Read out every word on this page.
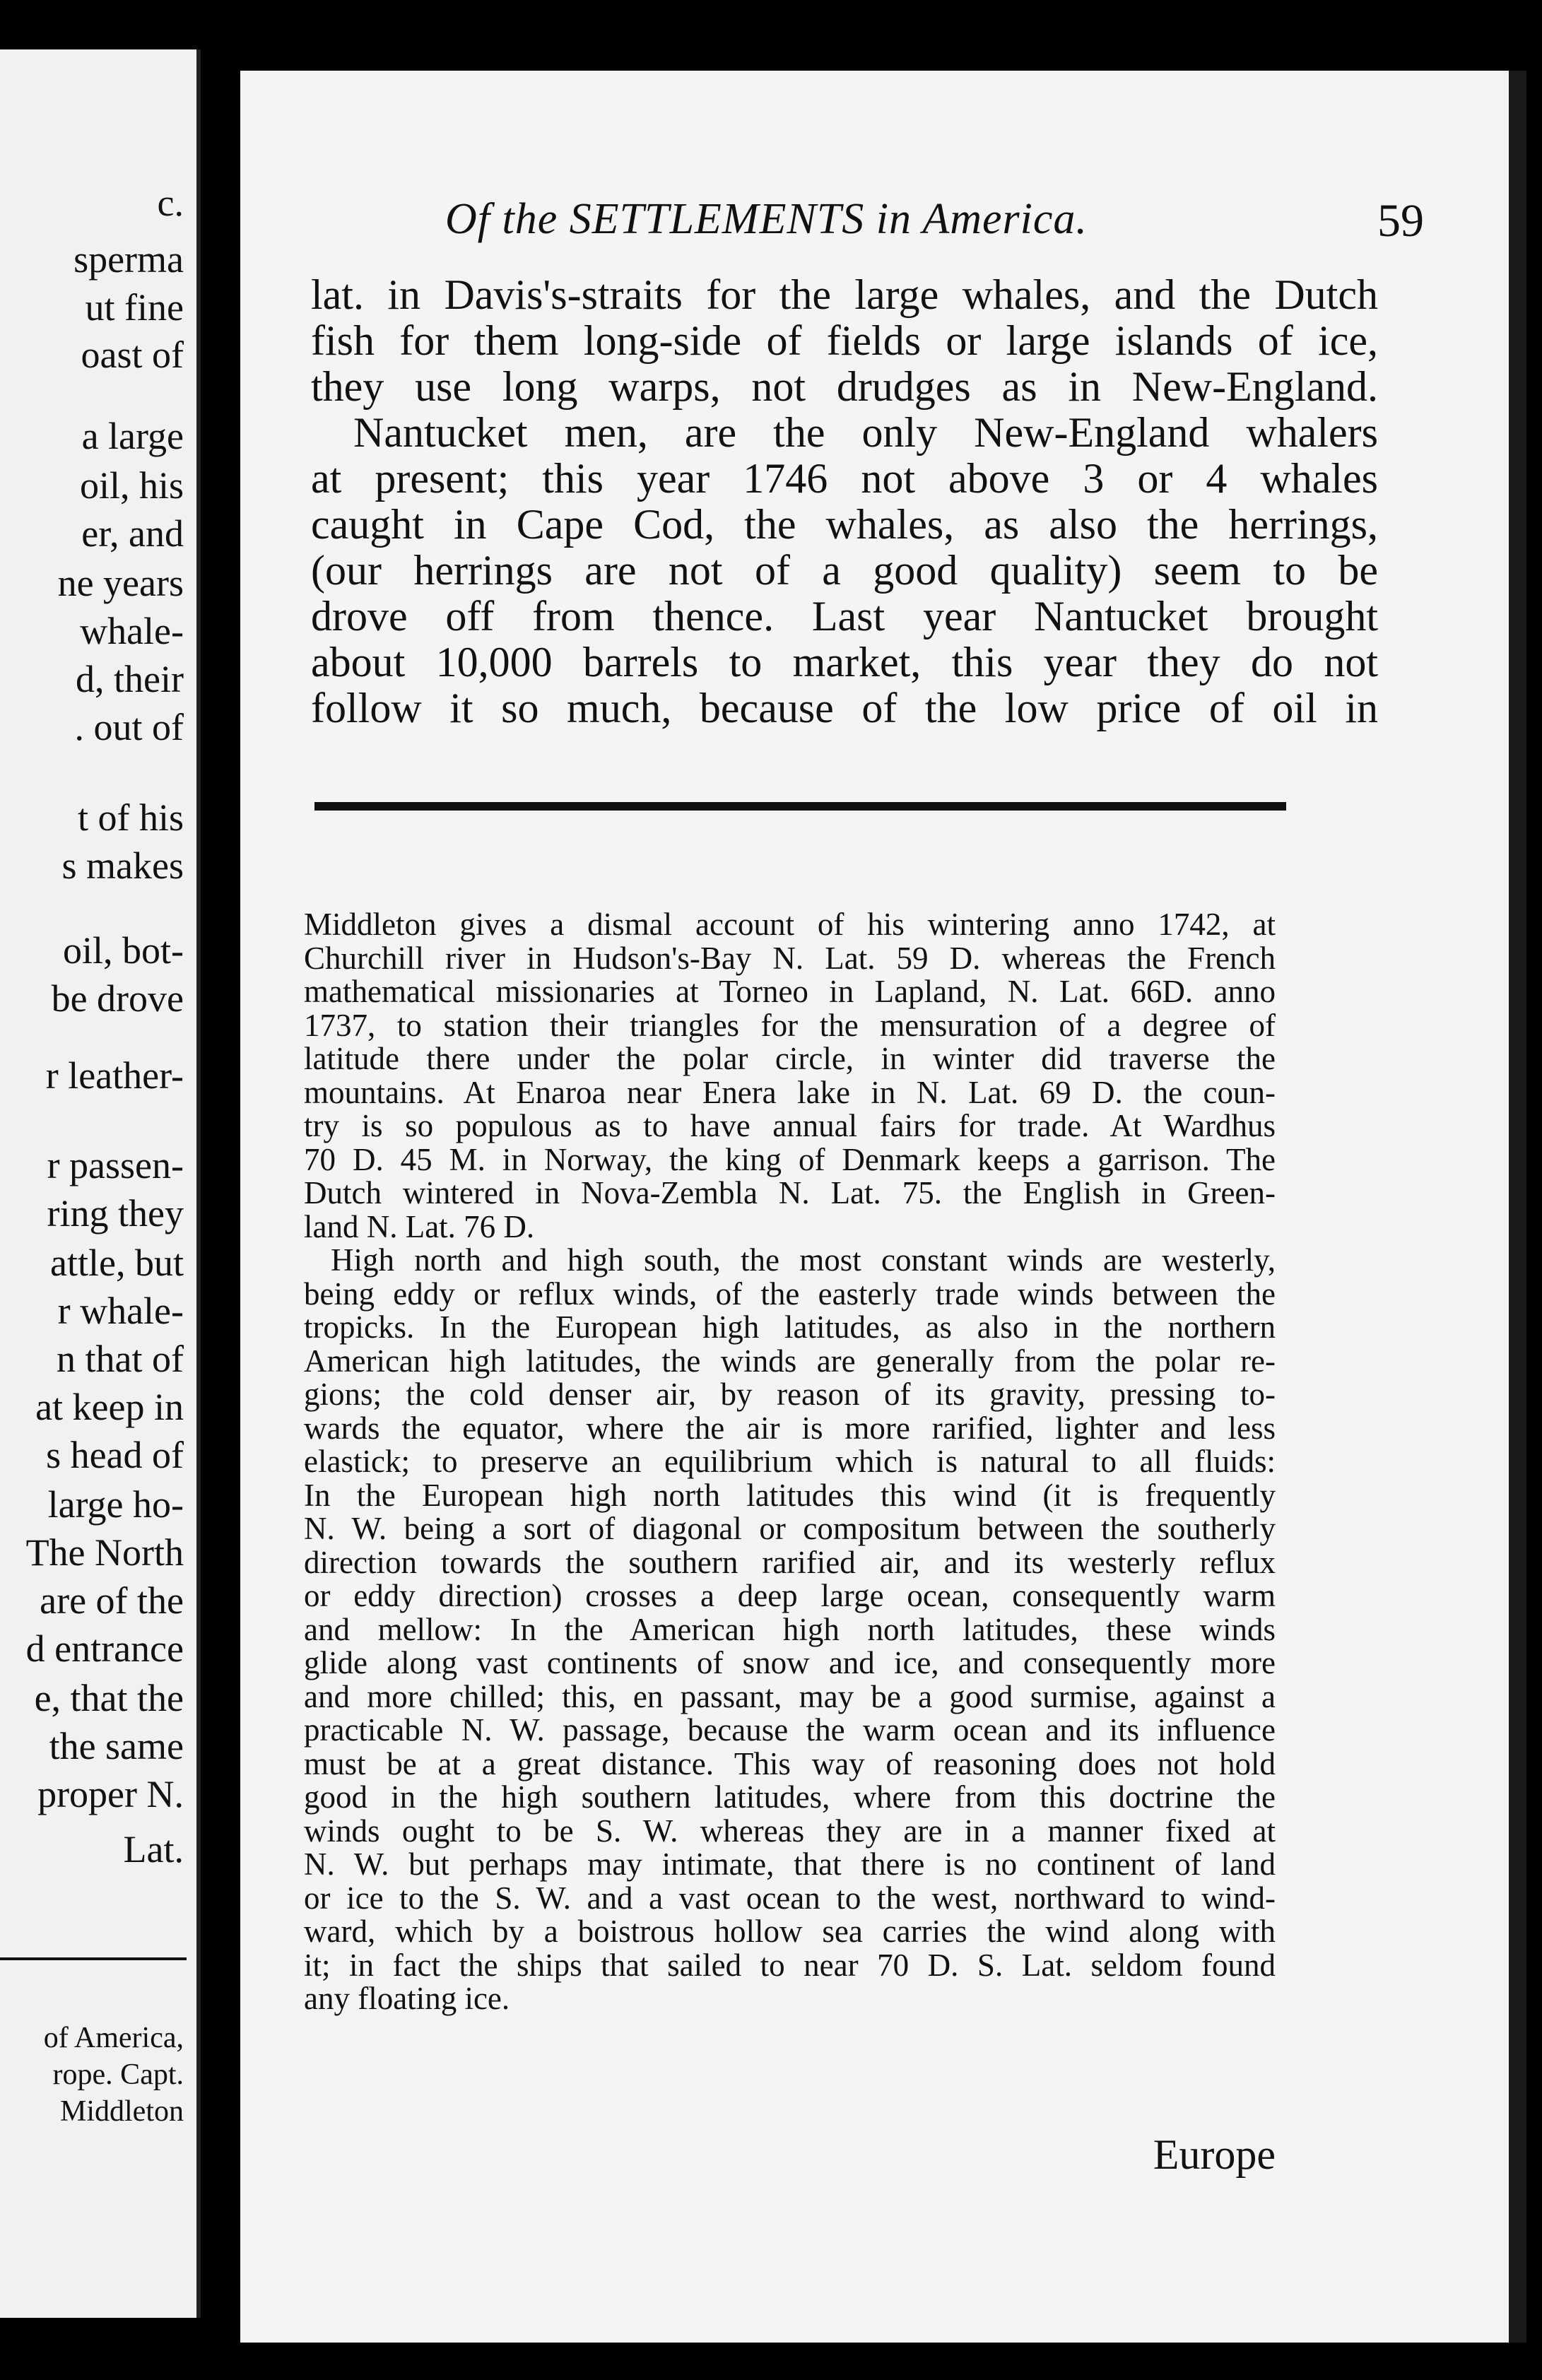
c.
sperma
ut fine
oast of
a large
oil, his
er, and
ne years
whale-
d, their
. out of
t of his
s makes
oil, bot-
be drove
r leather-
r passen-
ring they
attle, but
r whale-
n that of
at keep in
s head of
large ho-
The North
are of the
d entrance
e, that the
the same
proper N.
Lat.
of America,
rope. Capt.
Middleton
Of the SETTLEMENTS in America.	59
lat. in Davis's-straits for the large whales, and the Dutch
fish for them long-side of fields or large islands of ice,
they use long warps, not drudges as in New-England.
Nantucket men, are the only New-England whalers
at present; this year 1746 not above 3 or 4 whales
caught in Cape Cod, the whales, as also the herrings,
(our herrings are not of a good quality) seem to be
drove off from thence. Last year Nantucket brought
about 10,000 barrels to market, this year they do not
follow it so much, because of the low price of oil in
Middleton gives a dismal account of his wintering anno 1742, at
Churchill river in Hudson's-Bay N. Lat. 59 D. whereas the French
mathematical missionaries at Torneo in Lapland, N. Lat. 66D. anno
1737, to station their triangles for the mensuration of a degree of
latitude there under the polar circle, in winter did traverse the
mountains. At Enaroa near Enera lake in N. Lat. 69 D. the coun-
try is so populous as to have annual fairs for trade. At Wardhus
70 D. 45 M. in Norway, the king of Denmark keeps a garrison. The
Dutch wintered in Nova-Zembla N. Lat. 75. the English in Green-
land N. Lat. 76 D.
High north and high south, the most constant winds are westerly,
being eddy or reflux winds, of the easterly trade winds between the
tropicks. In the European high latitudes, as also in the northern
American high latitudes, the winds are generally from the polar re-
gions; the cold denser air, by reason of its gravity, pressing to-
wards the equator, where the air is more rarified, lighter and less
elastick; to preserve an equilibrium which is natural to all fluids:
In the European high north latitudes this wind (it is frequently
N. W. being a sort of diagonal or compositum between the southerly
direction towards the southern rarified air, and its westerly reflux
or eddy direction) crosses a deep large ocean, consequently warm
and mellow: In the American high north latitudes, these winds
glide along vast continents of snow and ice, and consequently more
and more chilled; this, en passant, may be a good surmise, against a
practicable N. W. passage, because the warm ocean and its influence
must be at a great distance. This way of reasoning does not hold
good in the high southern latitudes, where from this doctrine the
winds ought to be S. W. whereas they are in a manner fixed at
N. W. but perhaps may intimate, that there is no continent of land
or ice to the S. W. and a vast ocean to the west, northward to wind-
ward, which by a boistrous hollow sea carries the wind along with
it; in fact the ships that sailed to near 70 D. S. Lat. seldom found
any floating ice.
Europe
